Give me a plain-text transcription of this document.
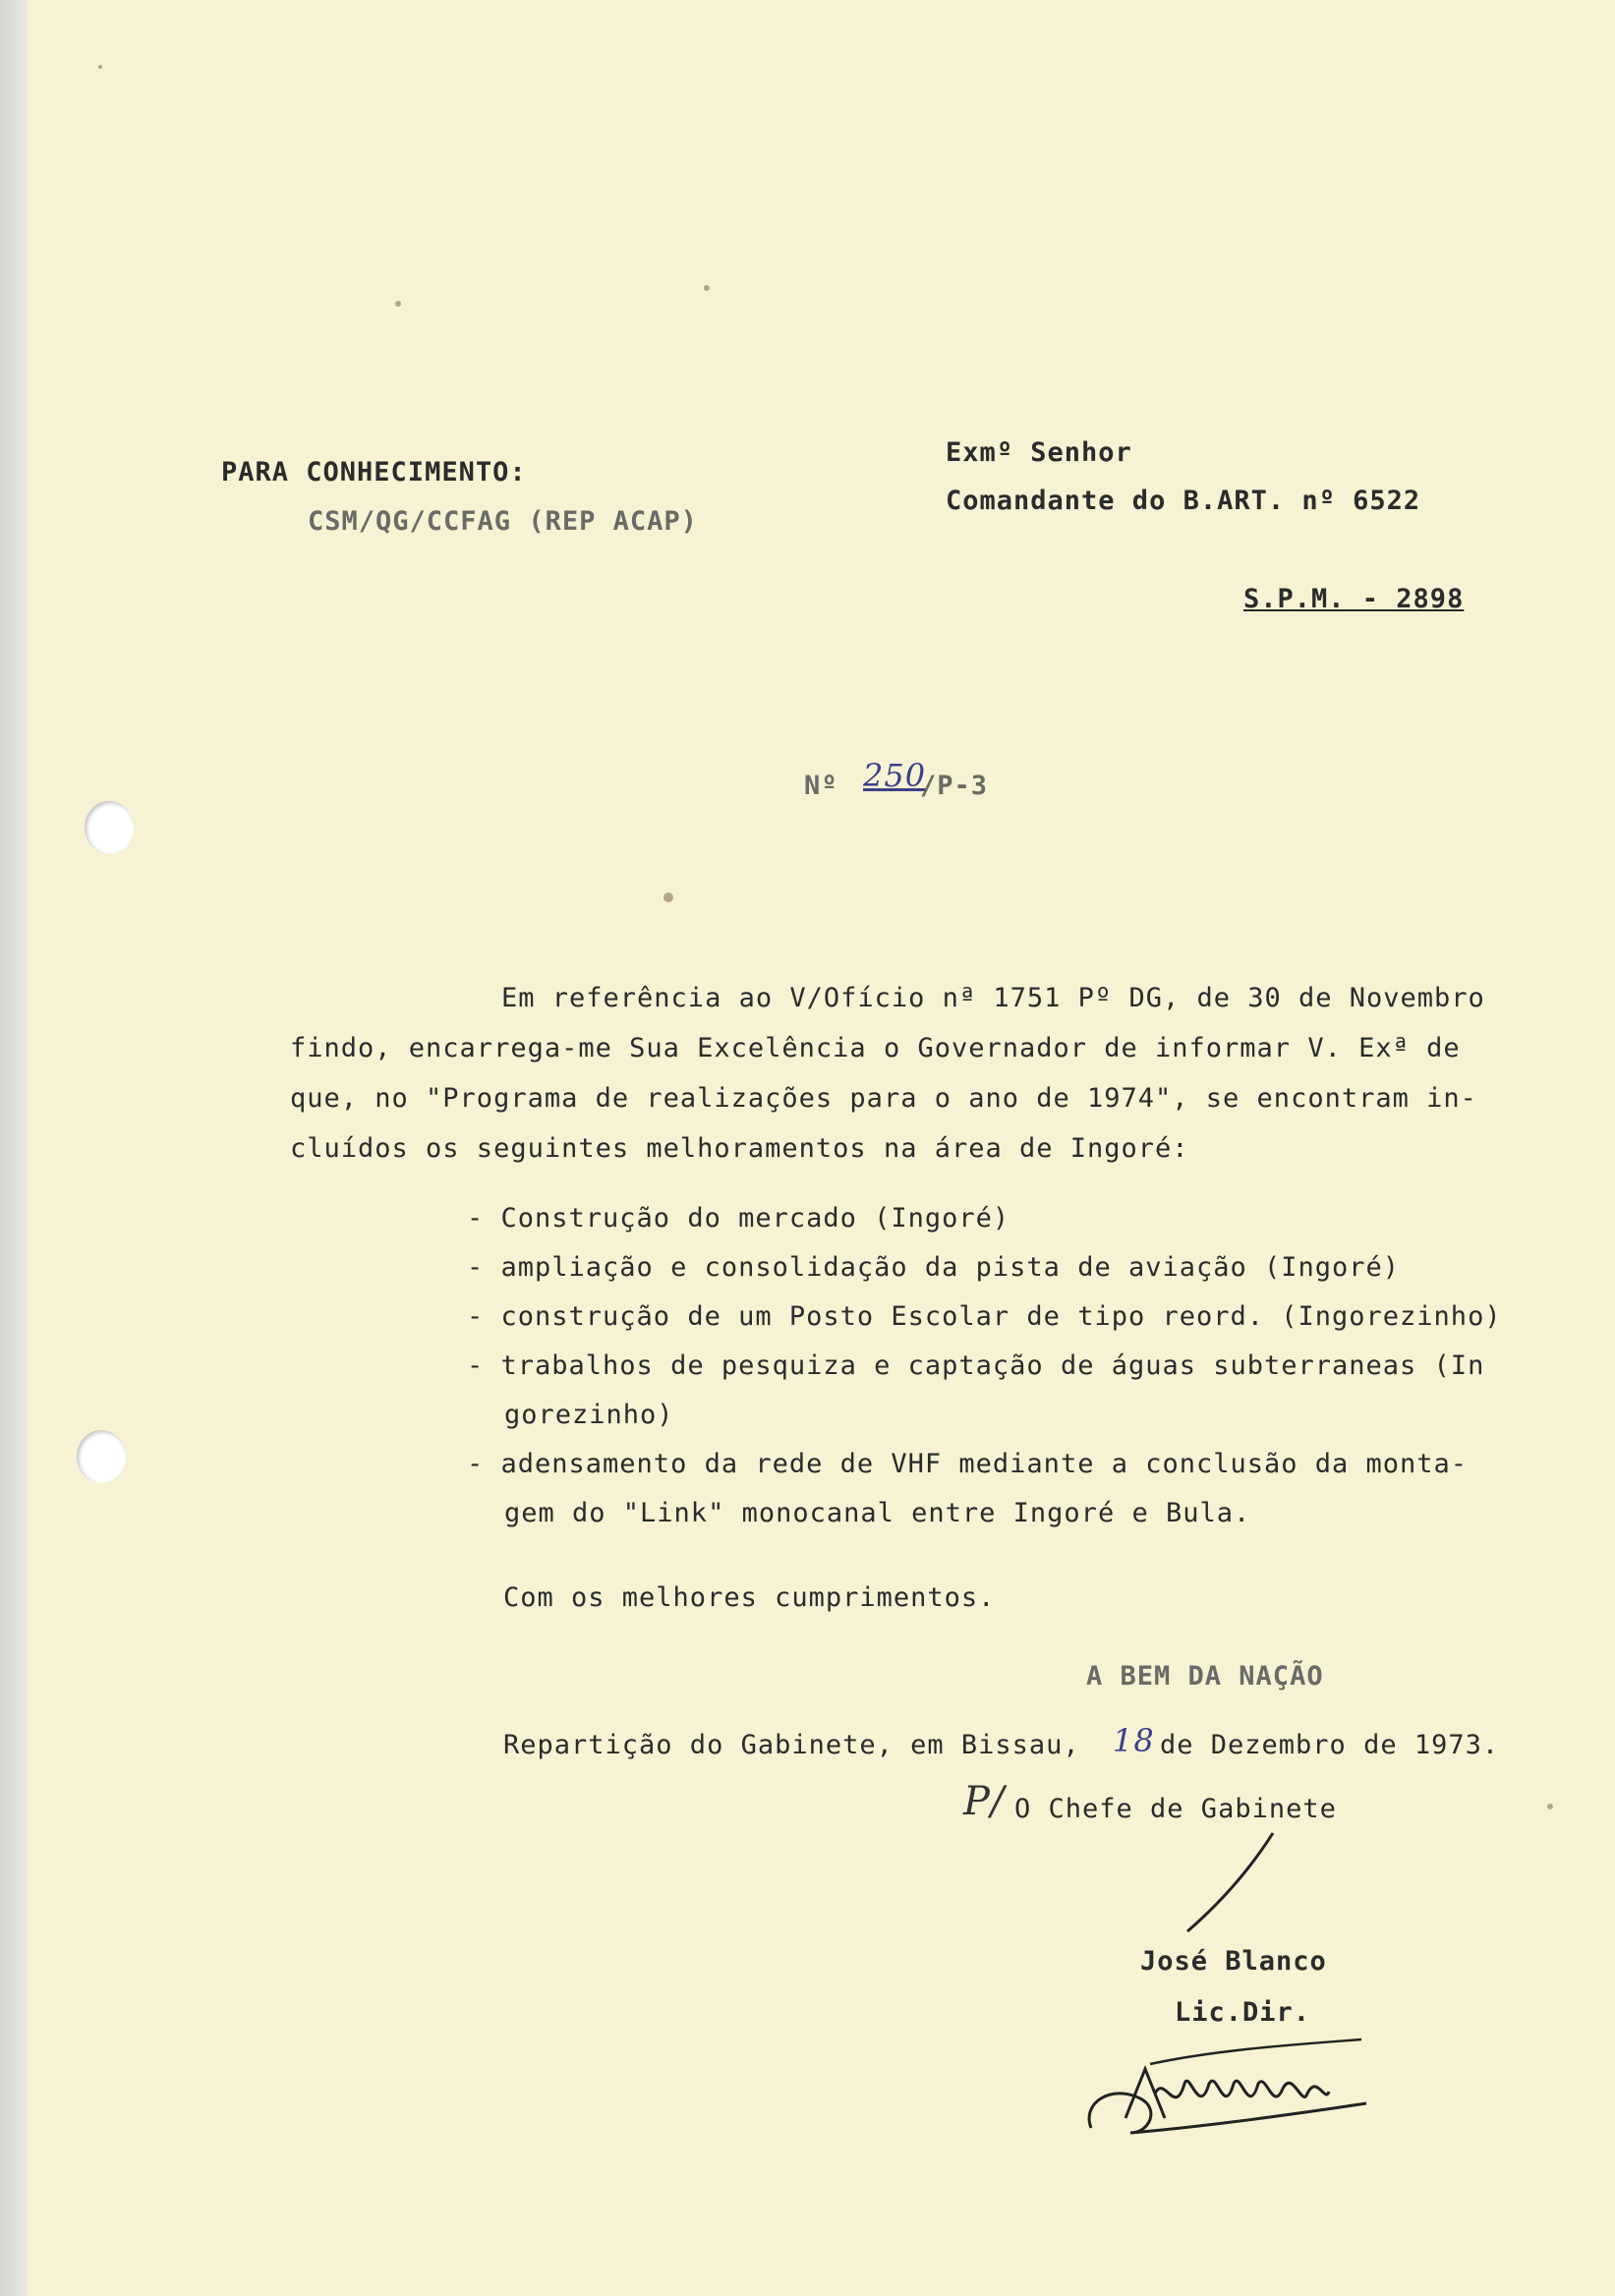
PARA CONHECIMENTO:
CSM/QG/CCFAG (REP ACAP)
Exmº Senhor
Comandante do B.ART. nº 6522
S.P.M. - 2898
Nº 250
/P-3
Em referência ao V/Ofício nª 1751 Pº DG, de 30 de Novembro
findo, encarrega-me Sua Excelência o Governador de informar V. Exª de
que, no "Programa de realizações para o ano de 1974", se encontram in-
cluídos os seguintes melhoramentos na área de Ingoré:
- Construção do mercado (Ingoré)
- ampliação e consolidação da pista de aviação (Ingoré)
- construção de um Posto Escolar de tipo reord. (Ingorezinho)
- trabalhos de pesquiza e captação de águas subterraneas (In
gorezinho)
- adensamento da rede de VHF mediante a conclusão da monta-
gem do "Link" monocanal entre Ingoré e Bula.
Com os melhores cumprimentos.
A BEM DA NAÇÃO
Repartição do Gabinete, em Bissau, 18 de Dezembro de 1973.
P/ O Chefe de Gabinete
José Blanco
Lic.Dir.
